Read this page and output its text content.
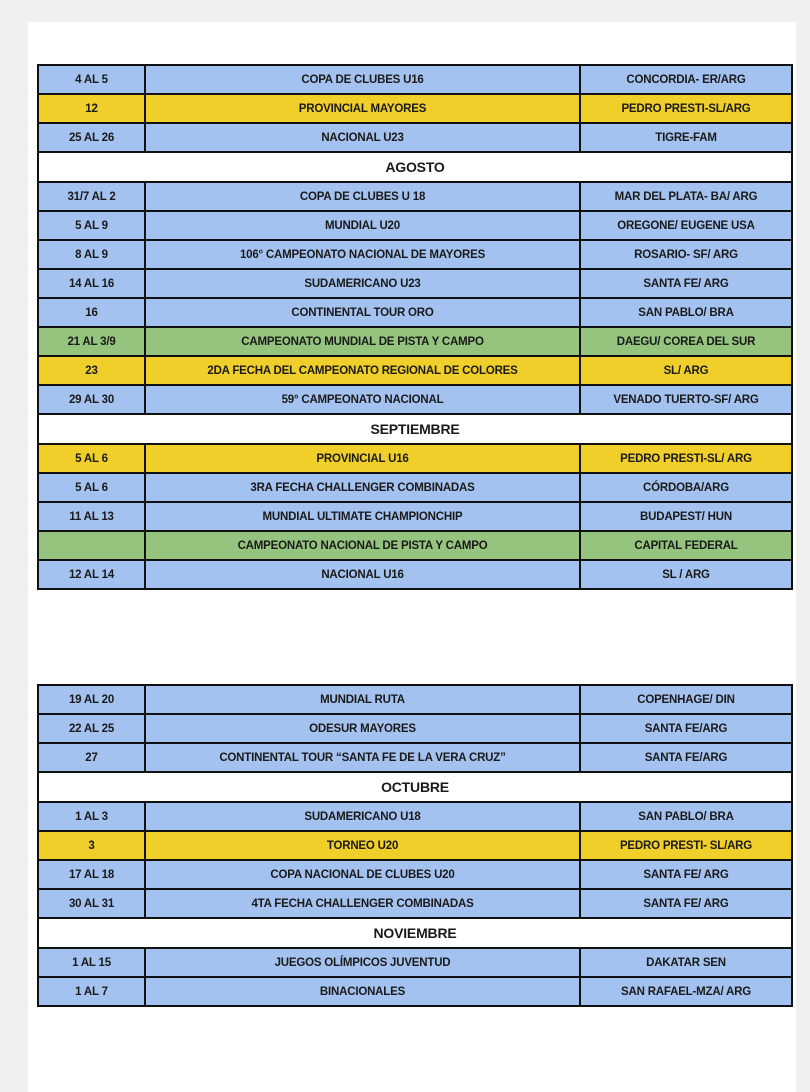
4 AL 5	COPA DE CLUBES U16	CONCORDIA- ER/ARG
12	PROVINCIAL MAYORES	PEDRO PRESTI-SL/ARG
25 AL 26	NACIONAL U23	TIGRE-FAM
AGOSTO		
31/7 AL 2	COPA DE CLUBES U 18	MAR DEL PLATA- BA/ ARG
5 AL 9	MUNDIAL U20	OREGONE/ EUGENE USA
8 AL 9	106° CAMPEONATO NACIONAL DE MAYORES	ROSARIO- SF/ ARG
14 AL 16	SUDAMERICANO U23	SANTA FE/ ARG
16	CONTINENTAL TOUR ORO	SAN PABLO/ BRA
21 AL 3/9	CAMPEONATO MUNDIAL DE PISTA Y CAMPO	DAEGU/ COREA DEL SUR
23	2DA FECHA DEL CAMPEONATO REGIONAL DE COLORES	SL/ ARG
29 AL 30	59° CAMPEONATO NACIONAL	VENADO TUERTO-SF/ ARG
SEPTIEMBRE		
5 AL 6	PROVINCIAL U16	PEDRO PRESTI-SL/ ARG
5 AL 6	3RA FECHA CHALLENGER COMBINADAS	CÓRDOBA/ARG
11 AL 13	MUNDIAL ULTIMATE CHAMPIONCHIP	BUDAPEST/ HUN
	CAMPEONATO NACIONAL DE PISTA Y CAMPO	CAPITAL FEDERAL
12 AL 14	NACIONAL U16	SL / ARG
19 AL 20	MUNDIAL RUTA	COPENHAGE/ DIN
22 AL 25	ODESUR MAYORES	SANTA FE/ARG
27	CONTINENTAL TOUR “SANTA FE DE LA VERA CRUZ”	SANTA FE/ARG
OCTUBRE		
1 AL 3	SUDAMERICANO U18	SAN PABLO/ BRA
3	TORNEO U20	PEDRO PRESTI- SL/ARG
17 AL 18	COPA NACIONAL DE CLUBES U20	SANTA FE/ ARG
30 AL 31	4TA FECHA CHALLENGER COMBINADAS	SANTA FE/ ARG
NOVIEMBRE		
1 AL 15	JUEGOS OLÍMPICOS JUVENTUD	DAKATAR SEN
1 AL 7	BINACIONALES	SAN RAFAEL-MZA/ ARG
